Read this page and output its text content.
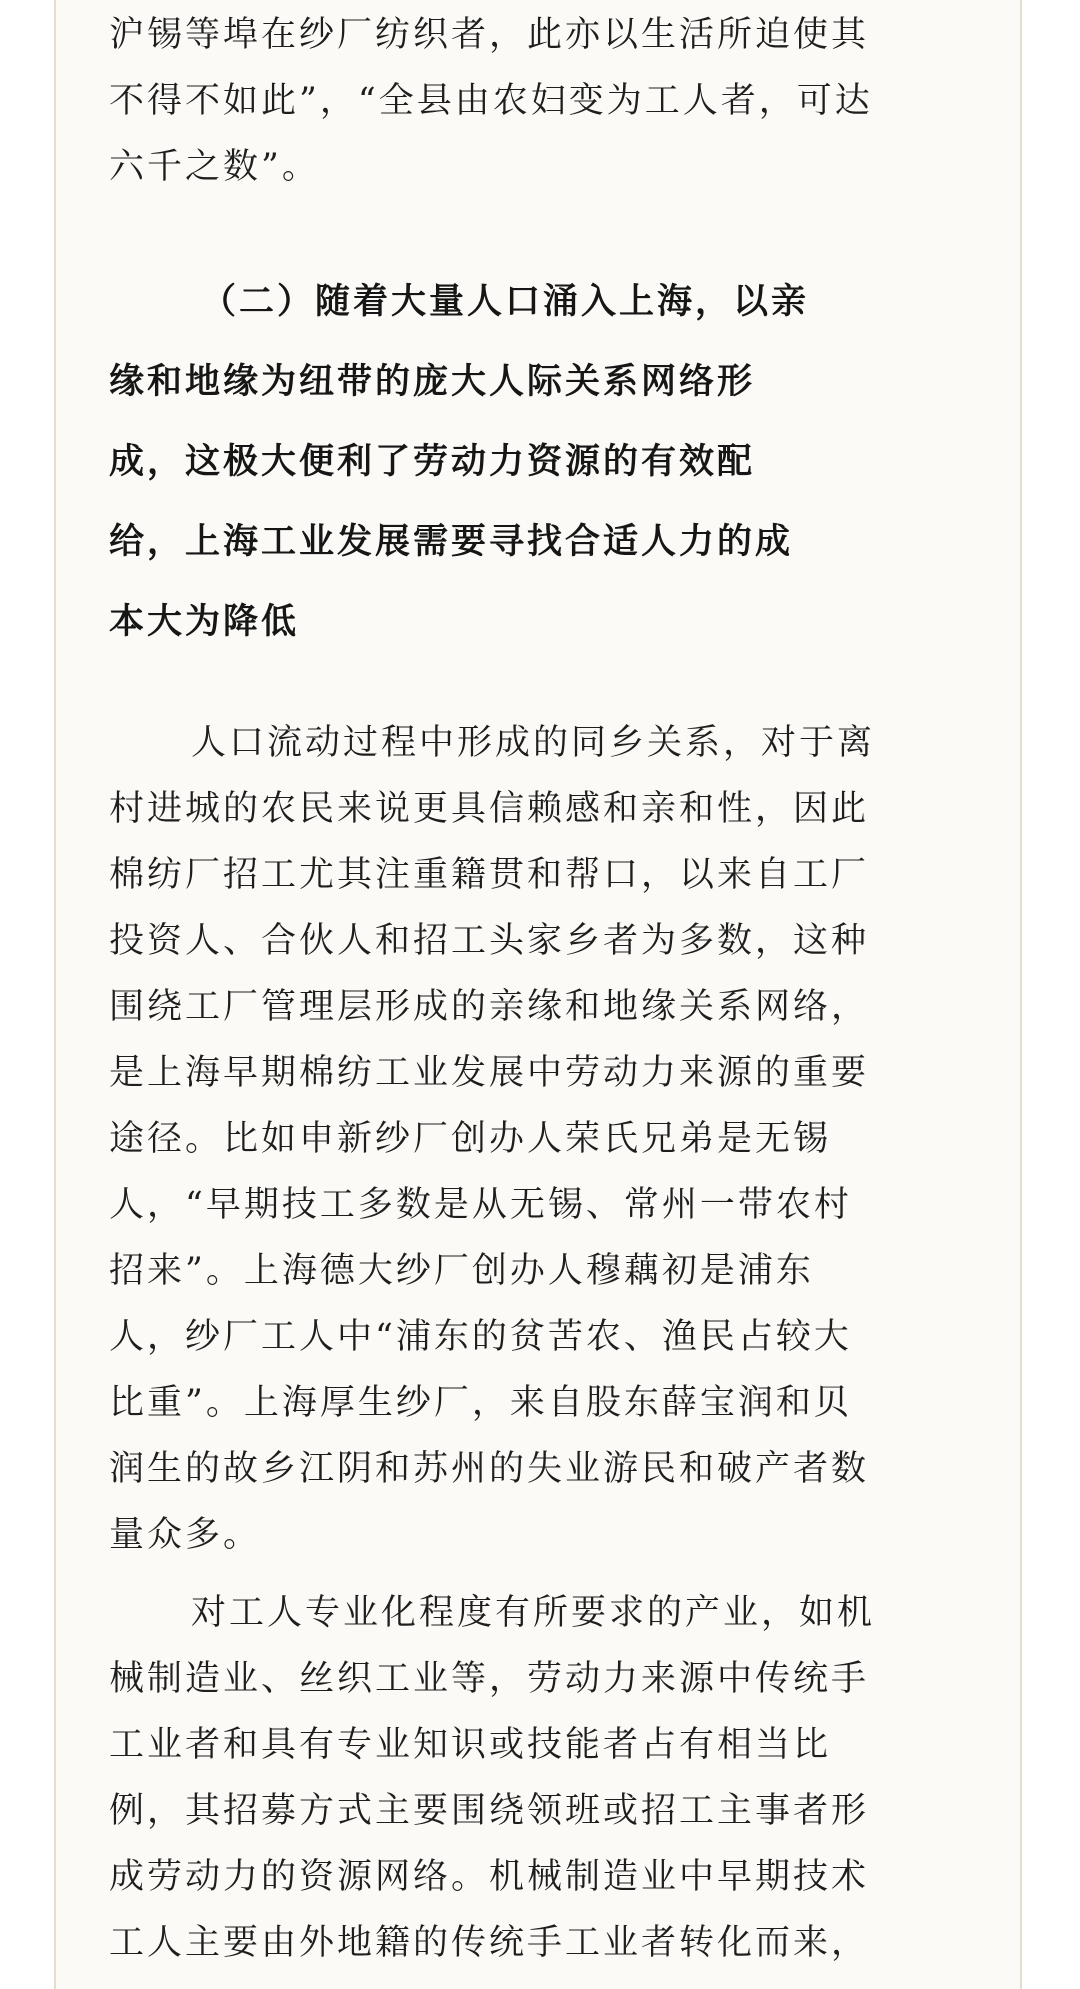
沪锡等埠在纱厂纺织者，此亦以生活所迫使其
不得不如此”，“全县由农妇变为工人者，可达
六千之数”。
（二）随着大量人口涌入上海，以亲
缘和地缘为纽带的庞大人际关系网络形
成，这极大便利了劳动力资源的有效配
给，上海工业发展需要寻找合适人力的成
本大为降低
人口流动过程中形成的同乡关系，对于离
村进城的农民来说更具信赖感和亲和性，因此
棉纺厂招工尤其注重籍贯和帮口，以来自工厂
投资人、合伙人和招工头家乡者为多数，这种
围绕工厂管理层形成的亲缘和地缘关系网络，
是上海早期棉纺工业发展中劳动力来源的重要
途径。比如申新纱厂创办人荣氏兄弟是无锡
人，“早期技工多数是从无锡、常州一带农村
招来”。上海德大纱厂创办人穆藕初是浦东
人，纱厂工人中“浦东的贫苦农、渔民占较大
比重”。上海厚生纱厂，来自股东薛宝润和贝
润生的故乡江阴和苏州的失业游民和破产者数
量众多。
对工人专业化程度有所要求的产业，如机
械制造业、丝织工业等，劳动力来源中传统手
工业者和具有专业知识或技能者占有相当比
例，其招募方式主要围绕领班或招工主事者形
成劳动力的资源网络。机械制造业中早期技术
工人主要由外地籍的传统手工业者转化而来，
